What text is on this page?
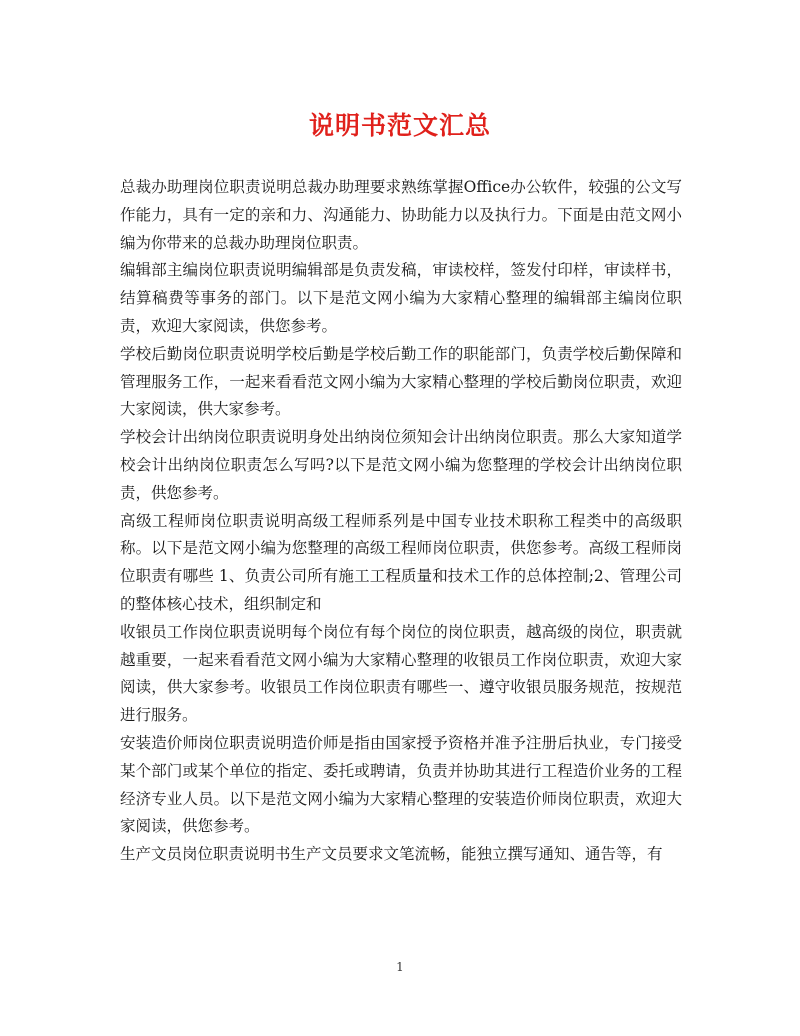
说明书范文汇总

总裁办助理岗位职责说明总裁办助理要求熟练掌握Office办公软件，较强的公文写作能力，具有一定的亲和力、沟通能力、协助能力以及执行力。下面是由范文网小编为你带来的总裁办助理岗位职责。

编辑部主编岗位职责说明编辑部是负责发稿，审读校样，签发付印样，审读样书，结算稿费等事务的部门。以下是范文网小编为大家精心整理的编辑部主编岗位职责，欢迎大家阅读，供您参考。

学校后勤岗位职责说明学校后勤是学校后勤工作的职能部门，负责学校后勤保障和管理服务工作，一起来看看范文网小编为大家精心整理的学校后勤岗位职责，欢迎大家阅读，供大家参考。

学校会计出纳岗位职责说明身处出纳岗位须知会计出纳岗位职责。那么大家知道学校会计出纳岗位职责怎么写吗?以下是范文网小编为您整理的学校会计出纳岗位职责，供您参考。

高级工程师岗位职责说明高级工程师系列是中国专业技术职称工程类中的高级职称。以下是范文网小编为您整理的高级工程师岗位职责，供您参考。高级工程师岗位职责有哪些 1、负责公司所有施工工程质量和技术工作的总体控制;2、管理公司的整体核心技术，组织制定和

收银员工作岗位职责说明每个岗位有每个岗位的岗位职责，越高级的岗位，职责就越重要，一起来看看范文网小编为大家精心整理的收银员工作岗位职责，欢迎大家阅读，供大家参考。收银员工作岗位职责有哪些一、遵守收银员服务规范，按规范进行服务。

安装造价师岗位职责说明造价师是指由国家授予资格并准予注册后执业，专门接受某个部门或某个单位的指定、委托或聘请，负责并协助其进行工程造价业务的工程经济专业人员。以下是范文网小编为大家精心整理的安装造价师岗位职责，欢迎大家阅读，供您参考。

生产文员岗位职责说明书生产文员要求文笔流畅，能独立撰写通知、通告等，有

1
